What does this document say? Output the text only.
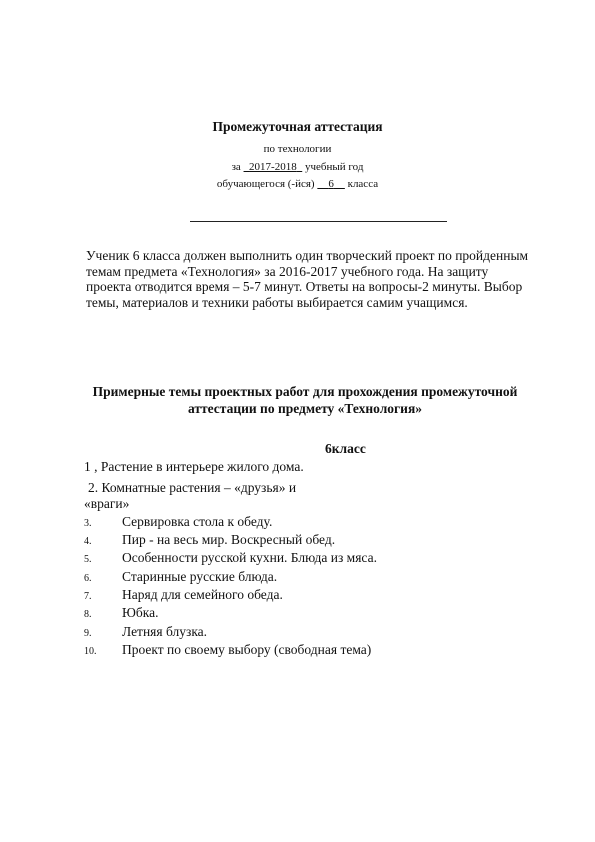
Промежуточная аттестация
по технологии
за 2017-2018 учебный год
обучающегося (-йся) 6 класса
Ученик 6 класса должен выполнить один творческий проект по пройденным
темам предмета «Технология» за 2016-2017 учебного года. На защиту
проекта отводится время – 5-7 минут. Ответы на вопросы-2 минуты. Выбор
темы, материалов и техники работы выбирается самим учащимся.
Примерные темы проектных работ для прохождения промежуточной
аттестации по предмету «Технология»
6класс
1 , Растение в интерьере жилого дома.
2. Комнатные растения – «друзья» и
«враги»
3. Сервировка стола к обеду.
4. Пир - на весь мир. Воскресный обед.
5. Особенности русской кухни. Блюда из мяса.
6. Старинные русские блюда.
7. Наряд для семейного обеда.
8. Юбка.
9. Летняя блузка.
10. Проект по своему выбору (свободная тема)
